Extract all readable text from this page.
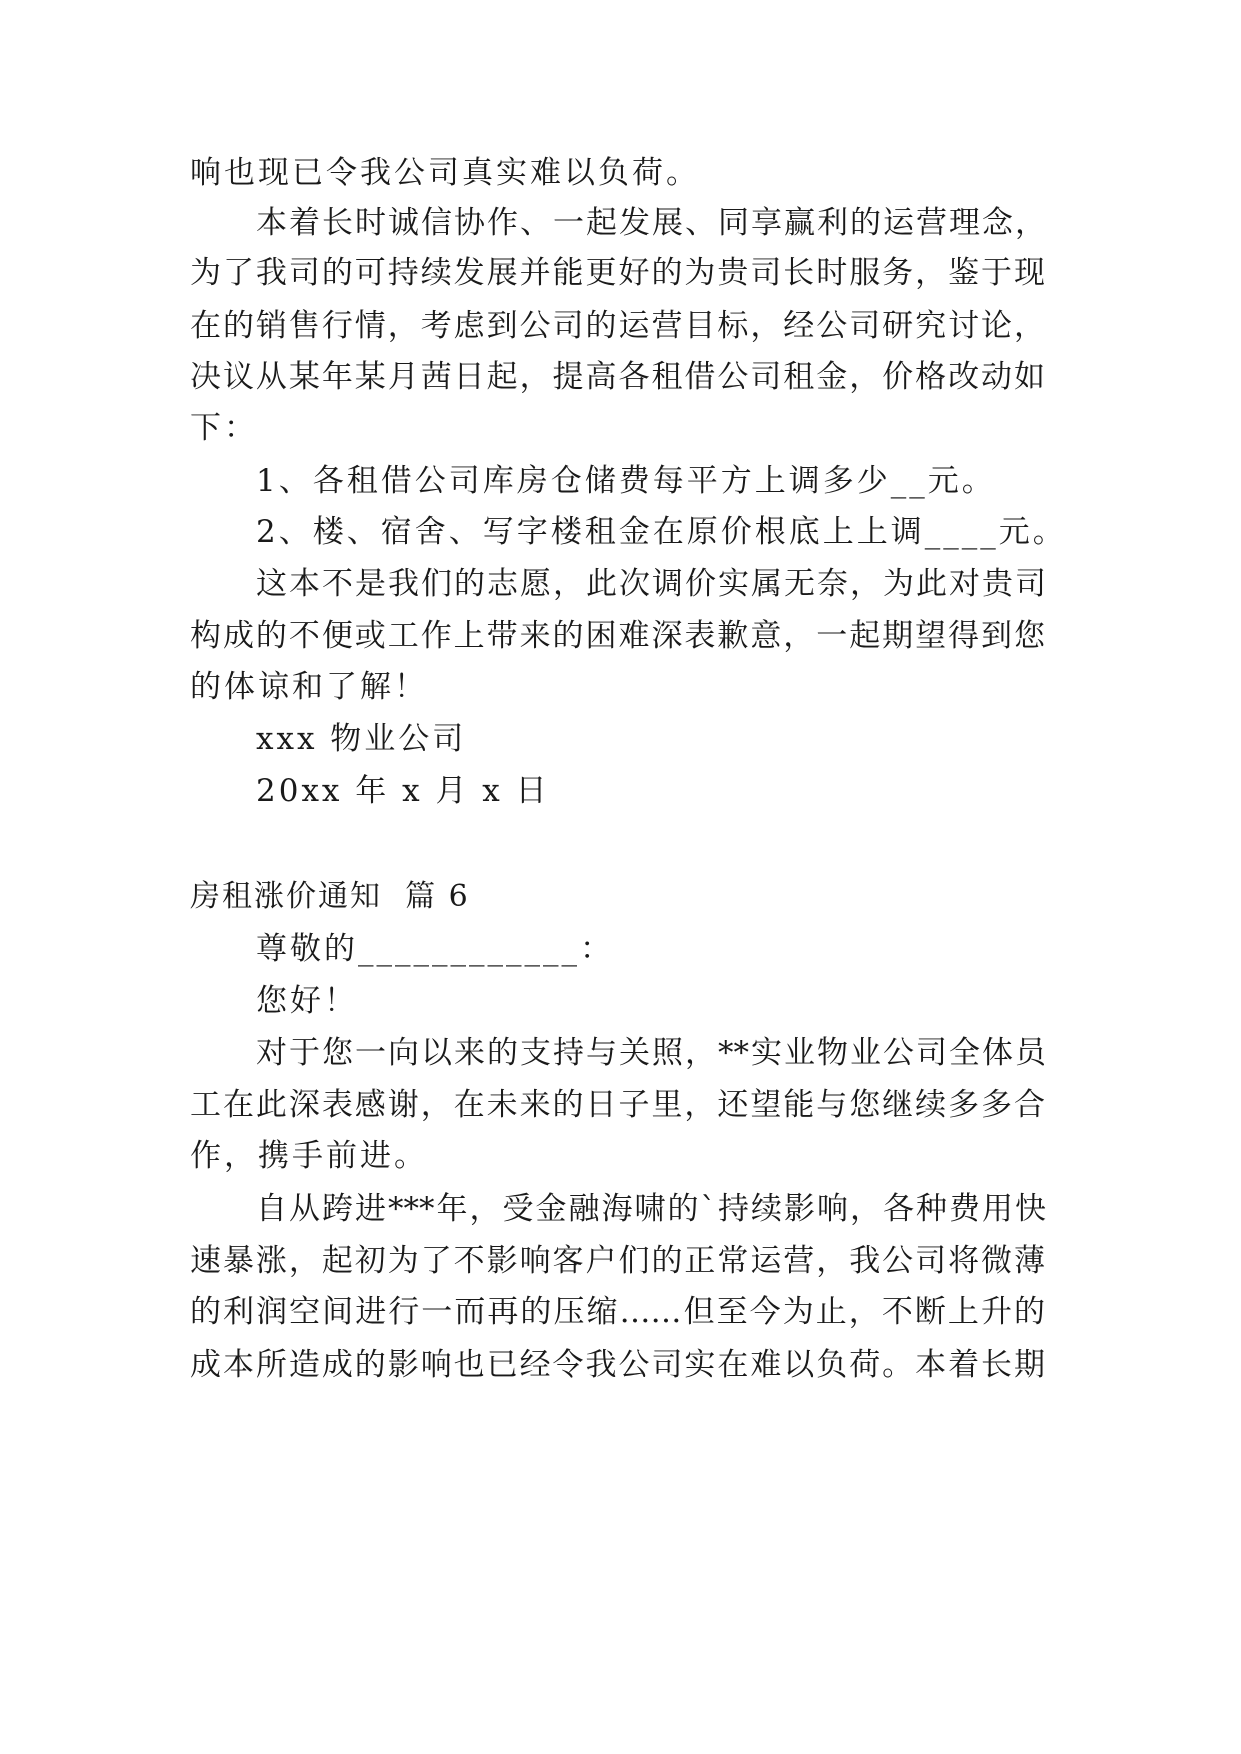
响也现已令我公司真实难以负荷。
本着长时诚信协作、一起发展、同享赢利的运营理念，
为了我司的可持续发展并能更好的为贵司长时服务，鉴于现
在的销售行情，考虑到公司的运营目标，经公司研究讨论，
决议从某年某月茜日起，提高各租借公司租金，价格改动如
下：
1、各租借公司库房仓储费每平方上调多少__元。
2、楼、宿舍、写字楼租金在原价根底上上调____元。
这本不是我们的志愿，此次调价实属无奈，为此对贵司
构成的不便或工作上带来的困难深表歉意，一起期望得到您
的体谅和了解！
xxx 物业公司
20xx 年 x 月 x 日
房租涨价通知  篇 6
尊敬的____________：
您好！
对于您一向以来的支持与关照，**实业物业公司全体员
工在此深表感谢，在未来的日子里，还望能与您继续多多合
作，携手前进。
自从跨进***年，受金融海啸的`持续影响，各种费用快
速暴涨，起初为了不影响客户们的正常运营，我公司将微薄
的利润空间进行一而再的压缩……但至今为止，不断上升的
成本所造成的影响也已经令我公司实在难以负荷。本着长期
